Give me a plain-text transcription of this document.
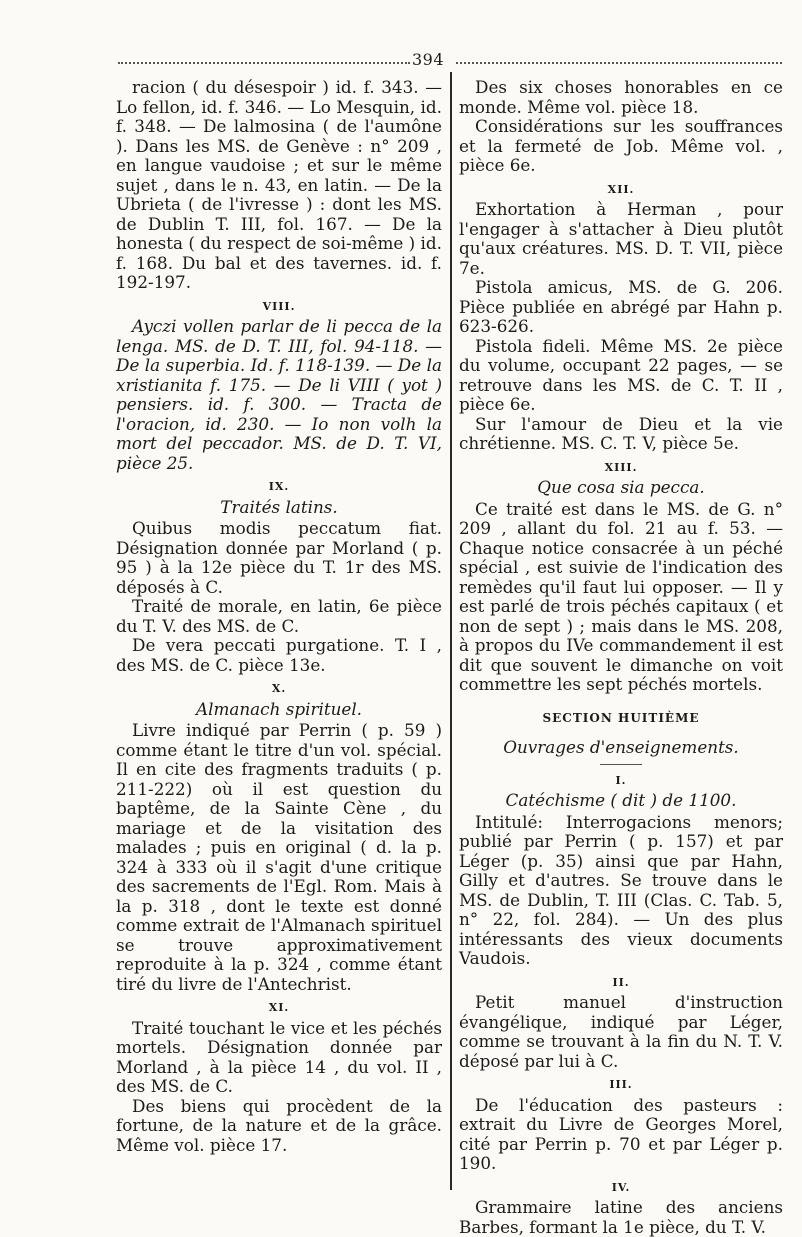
394

racion ( du désespoir ) id. f. 343. — Lo fellon, id. f. 346. — Lo Mesquin, id. f. 348. — De lalmosina ( de l'aumône ). Dans les MS. de Genève : n° 209 , en langue vaudoise ; et sur le même sujet , dans le n. 43, en latin. — De la Ubrieta ( de l'ivresse ) : dont les MS. de Dublin T. III, fol. 167. — De la honesta ( du respect de soi-même ) id. f. 168. Du bal et des tavernes. id. f. 192-197.

VIII.

Ayczi vollen parlar de li pecca de la lenga. MS. de D. T. III, fol. 94-118. — De la superbia. Id. f. 118-139. — De la xristianita f. 175. — De li VIII ( yot ) pensiers. id. f. 300. — Tracta de l'oracion, id. 230. — Io non volh la mort del peccador. MS. de D. T. VI, pièce 25.

IX.
Traités latins.

Quibus modis peccatum fiat. Désignation donnée par Morland ( p. 95 ) à la 12e pièce du T. 1r des MS. déposés à C.

Traité de morale, en latin, 6e pièce du T. V. des MS. de C.

De vera peccati purgatione. T. I , des MS. de C. pièce 13e.

X.
Almanach spirituel.

Livre indiqué par Perrin ( p. 59 ) comme étant le titre d'un vol. spécial. Il en cite des fragments traduits ( p. 211-222) où il est question du baptême, de la Sainte Cène , du mariage et de la visitation des malades ; puis en original ( d. la p. 324 à 333 où il s'agit d'une critique des sacrements de l'Egl. Rom. Mais à la p. 318 , dont le texte est donné comme extrait de l'Almanach spirituel se trouve approximativement reproduite à la p. 324 , comme étant tiré du livre de l'Antechrist.

XI.

Traité touchant le vice et les péchés mortels. Désignation donnée par Morland , à la pièce 14 , du vol. II , des MS. de C.

Des biens qui procèdent de la fortune, de la nature et de la grâce. Même vol. pièce 17.

Des six choses honorables en ce monde. Même vol. pièce 18.

Considérations sur les souffrances et la fermeté de Job. Même vol. , pièce 6e.

XII.

Exhortation à Herman , pour l'engager à s'attacher à Dieu plutôt qu'aux créatures. MS. D. T. VII, pièce 7e.

Pistola amicus, MS. de G. 206. Pièce publiée en abrégé par Hahn p. 623-626.

Pistola fideli. Même MS. 2e pièce du volume, occupant 22 pages, — se retrouve dans les MS. de C. T. II , pièce 6e.

Sur l'amour de Dieu et la vie chrétienne. MS. C. T. V, pièce 5e.

XIII.
Que cosa sia pecca.

Ce traité est dans le MS. de G. n° 209 , allant du fol. 21 au f. 53. — Chaque notice consacrée à un péché spécial , est suivie de l'indication des remèdes qu'il faut lui opposer. — Il y est parlé de trois péchés capitaux ( et non de sept ) ; mais dans le MS. 208, à propos du IVe commandement il est dit que souvent le dimanche on voit commettre les sept péchés mortels.

SECTION HUITIÈME
Ouvrages d'enseignements.
I.
Catéchisme ( dit ) de 1100.

Intitulé: Interrogacions menors; publié par Perrin ( p. 157) et par Léger (p. 35) ainsi que par Hahn, Gilly et d'autres. Se trouve dans le MS. de Dublin, T. III (Clas. C. Tab. 5, n° 22, fol. 284). — Un des plus intéressants des vieux documents Vaudois.

II.

Petit manuel d'instruction évangélique, indiqué par Léger, comme se trouvant à la fin du N. T. V. déposé par lui à C.

III.

De l'éducation des pasteurs : extrait du Livre de Georges Morel, cité par Perrin p. 70 et par Léger p. 190.

IV.

Grammaire latine des anciens Barbes, formant la 1e pièce, du T. V.
